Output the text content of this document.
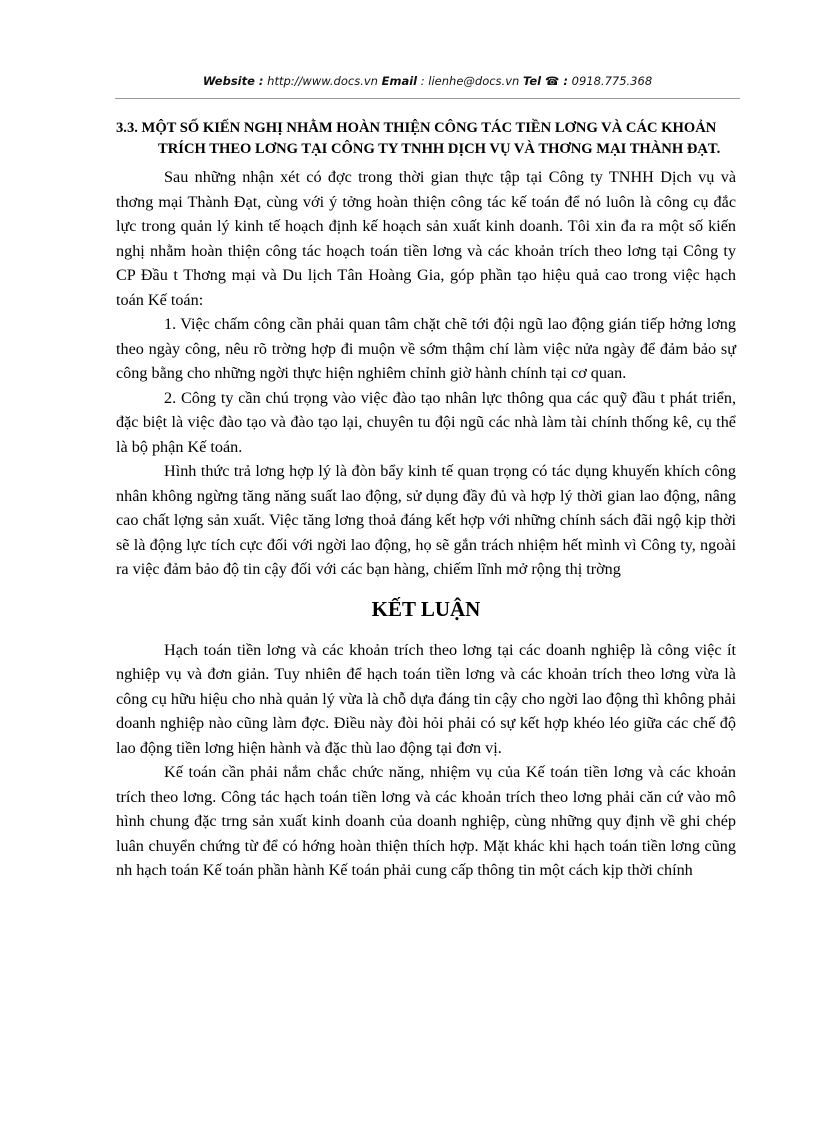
Website : http://www.docs.vn Email : lienhe@docs.vn Tel ☎ : 0918.775.368

3.3. MỘT SỐ KIẾN NGHỊ NHẰM HOÀN THIỆN CÔNG TÁC TIỀN LƠNG VÀ CÁC KHOẢN TRÍCH THEO LƠNG TẠI CÔNG TY TNHH DỊCH VỤ VÀ THƠNG MẠI THÀNH ĐẠT.

Sau những nhận xét có đợc trong thời gian thực tập tại Công ty TNHH Dịch vụ và thơng mại Thành Đạt, cùng với ý tởng hoàn thiện công tác kế toán để nó luôn là công cụ đắc lực trong quản lý kinh tế hoạch định kế hoạch sản xuất kinh doanh. Tôi xin đa ra một số kiến nghị nhằm hoàn thiện công tác hoạch toán tiền lơng và các khoản trích theo lơng tại Công ty CP Đầu t Thơng mại và Du lịch Tân Hoàng Gia, góp phần tạo hiệu quả cao trong việc hạch toán Kế toán:

1. Việc chấm công cần phải quan tâm chặt chẽ tới đội ngũ lao động gián tiếp hởng lơng theo ngày công, nêu rõ trờng hợp đi muộn về sớm thậm chí làm việc nửa ngày để đảm bảo sự công bằng cho những ngời thực hiện nghiêm chỉnh giờ hành chính tại cơ quan.

2. Công ty cần chú trọng vào việc đào tạo nhân lực thông qua các quỹ đầu t phát triển, đặc biệt là việc đào tạo và đào tạo lại, chuyên tu đội ngũ các nhà làm tài chính thống kê, cụ thể là bộ phận Kế toán.

Hình thức trả lơng hợp lý là đòn bẩy kinh tế quan trọng có tác dụng khuyến khích công nhân không ngừng tăng năng suất lao động, sử dụng đầy đủ và hợp lý thời gian lao động, nâng cao chất lợng sản xuất. Việc tăng lơng thoả đáng kết hợp với những chính sách đãi ngộ kịp thời sẽ là động lực tích cực đối với ngời lao động, họ sẽ gắn trách nhiệm hết mình vì Công ty, ngoài ra việc đảm bảo độ tin cậy đối với các bạn hàng, chiếm lĩnh mở rộng thị trờng

KẾT LUẬN

Hạch toán tiền lơng và các khoản trích theo lơng tại các doanh nghiệp là công việc ít nghiệp vụ và đơn giản. Tuy nhiên để hạch toán tiền lơng và các khoản trích theo lơng vừa là công cụ hữu hiệu cho nhà quản lý vừa là chỗ dựa đáng tin cậy cho ngời lao động thì không phải doanh nghiệp nào cũng làm đợc. Điều này đòi hỏi phải có sự kết hợp khéo léo giữa các chế độ lao động tiền lơng hiện hành và đặc thù lao động tại đơn vị.

Kế toán cần phải nắm chắc chức năng, nhiệm vụ của Kế toán tiền lơng và các khoản trích theo lơng. Công tác hạch toán tiền lơng và các khoản trích theo lơng phải căn cứ vào mô hình chung đặc trng sản xuất kinh doanh của doanh nghiệp, cùng những quy định về ghi chép luân chuyển chứng từ để có hớng hoàn thiện thích hợp. Mặt khác khi hạch toán tiền lơng cũng nh hạch toán Kế toán phần hành Kế toán phải cung cấp thông tin một cách kịp thời chính
